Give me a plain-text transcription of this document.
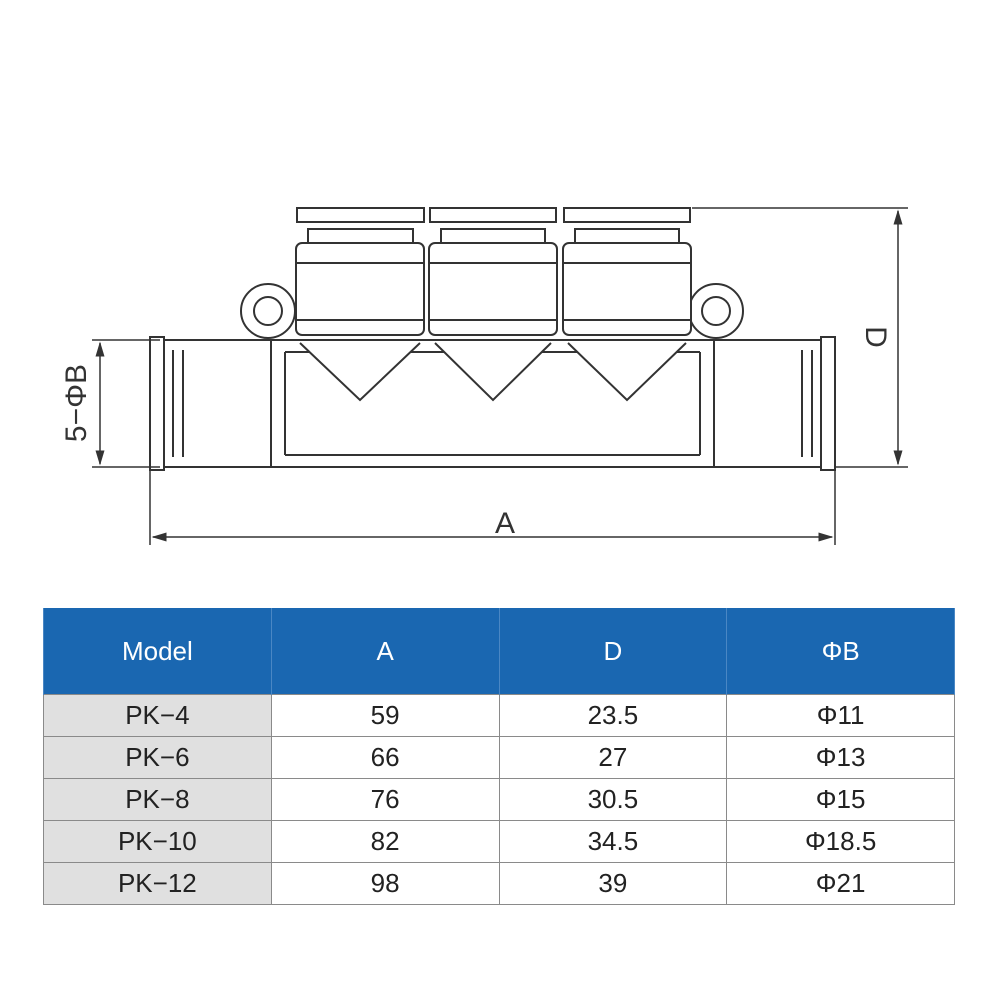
5−ΦB
D
A
Model	A	D	ΦB
PK−4	59	23.5	Φ11
PK−6	66	27	Φ13
PK−8	76	30.5	Φ15
PK−10	82	34.5	Φ18.5
PK−12	98	39	Φ21
